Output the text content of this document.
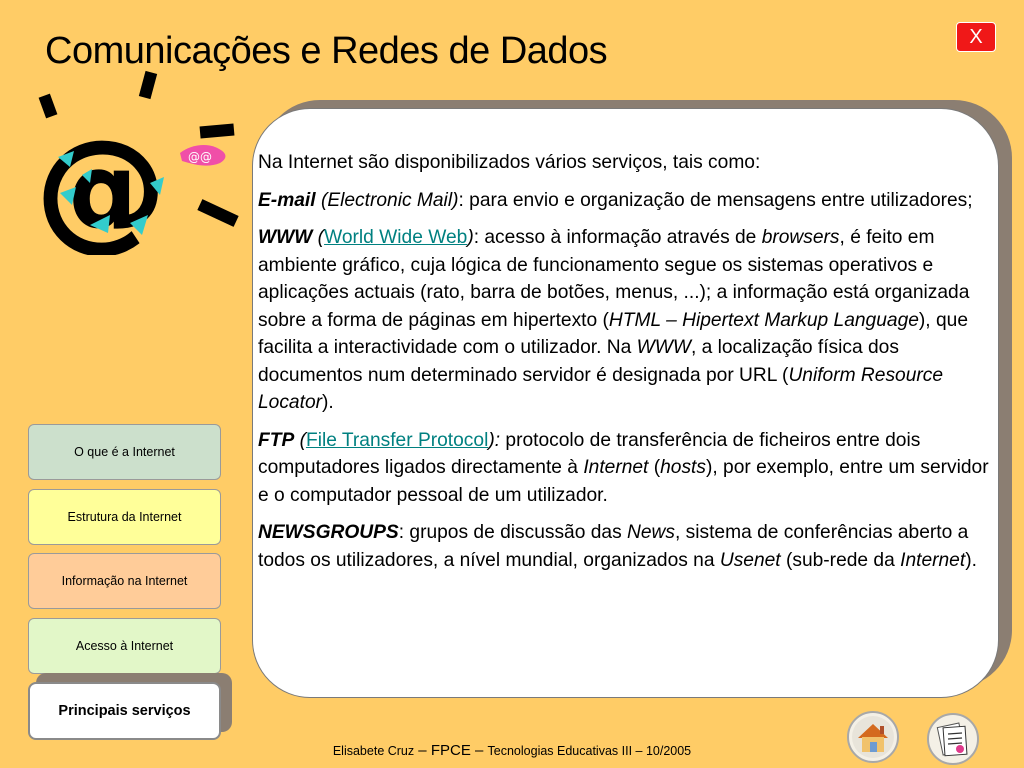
Comunicações e Redes de Dados	X
@@
@	Na Internet são disponibilizados vários serviços, tais como:

E-mail (Electronic Mail): para envio e organização de mensagens entre utilizadores;

WWW (World Wide Web): acesso à informação através de browsers, é feito em ambiente gráfico, cuja lógica de funcionamento segue os sistemas operativos e aplicações actuais (rato, barra de botões, menus, ...); a informação está organizada sobre a forma de páginas em hipertexto (HTML – Hipertext Markup Language), que facilita a interactividade com o utilizador. Na WWW, a localização física dos documentos num determinado servidor é designada por URL (Uniform Resource Locator).

FTP (File Transfer Protocol): protocolo de transferência de ficheiros entre dois computadores ligados directamente à Internet (hosts), por exemplo, entre um servidor e o computador pessoal de um utilizador.

NEWSGROUPS: grupos de discussão das News, sistema de conferências aberto a todos os utilizadores, a nível mundial, organizados na Usenet (sub-rede da Internet).

O que é a Internet
Estrutura da Internet
Informação na Internet
Acesso à Internet
Principais serviços
Elisabete Cruz – FPCE – Tecnologias Educativas III – 10/2005
